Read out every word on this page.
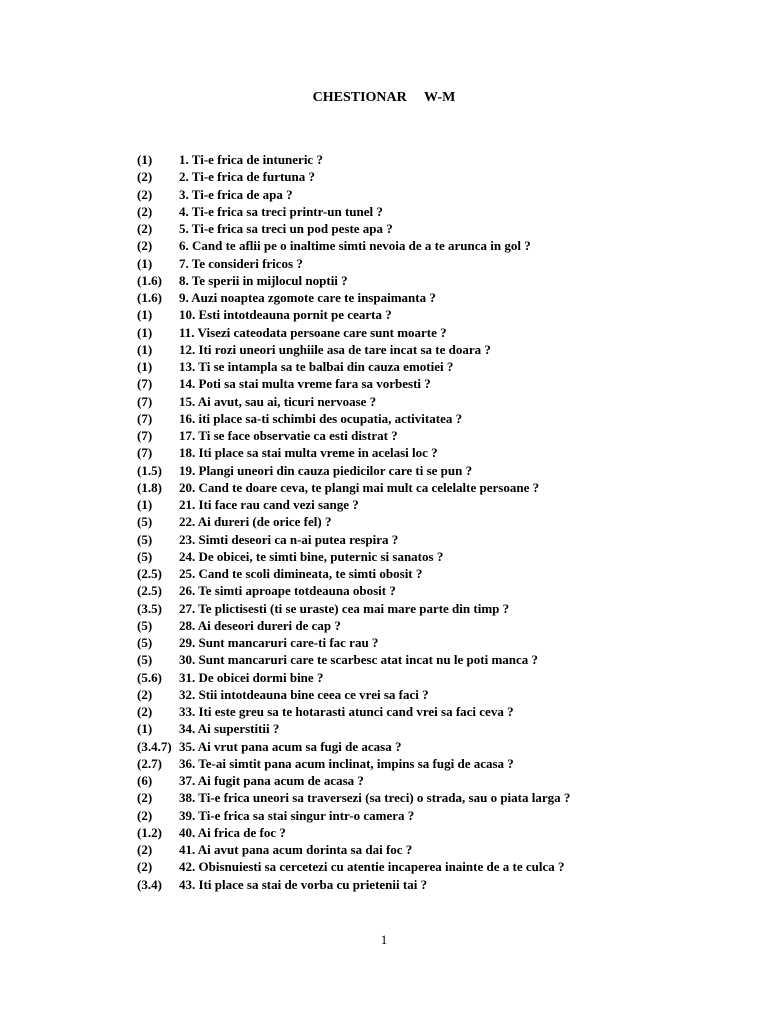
CHESTIONAR     W-M
(1) 1. Ti-e frica de intuneric ?
(2) 2. Ti-e frica de furtuna ?
(2) 3. Ti-e frica de apa ?
(2) 4. Ti-e frica sa treci printr-un tunel ?
(2) 5. Ti-e frica sa treci un pod peste apa ?
(2) 6. Cand te aflii pe o inaltime simti nevoia de a te arunca in gol ?
(1) 7. Te consideri fricos ?
(1.6) 8. Te sperii in mijlocul noptii ?
(1.6) 9. Auzi noaptea zgomote care te inspaimanta ?
(1) 10. Esti intotdeauna pornit pe cearta ?
(1) 11. Visezi cateodata persoane care sunt moarte ?
(1) 12. Iti rozi uneori unghiile asa de tare incat sa te doara ?
(1) 13. Ti se intampla sa te balbai din cauza emotiei ?
(7) 14. Poti sa stai multa vreme fara sa vorbesti ?
(7) 15. Ai avut, sau ai, ticuri nervoase ?
(7) 16. iti place sa-ti schimbi des ocupatia, activitatea ?
(7) 17. Ti se face observatie ca esti distrat ?
(7) 18. Iti place sa stai multa vreme in acelasi loc ?
(1.5) 19. Plangi uneori din cauza piedicilor care ti se pun ?
(1.8) 20. Cand te doare ceva, te plangi mai mult ca celelalte persoane ?
(1) 21. Iti face rau cand vezi sange ?
(5) 22. Ai dureri (de orice fel) ?
(5) 23. Simti deseori ca n-ai putea respira ?
(5) 24. De obicei, te simti bine, puternic si sanatos ?
(2.5) 25. Cand te scoli dimineata, te simti obosit ?
(2.5) 26. Te simti aproape totdeauna obosit ?
(3.5) 27. Te plictisesti (ti se uraste) cea mai mare parte din timp ?
(5) 28. Ai deseori dureri de cap ?
(5) 29. Sunt mancaruri care-ti fac rau ?
(5) 30. Sunt mancaruri care te scarbesc atat incat nu le poti manca ?
(5.6) 31. De obicei dormi bine ?
(2) 32. Stii intotdeauna bine ceea ce vrei sa faci ?
(2) 33. Iti este greu sa te hotarasti atunci cand vrei sa faci ceva ?
(1) 34. Ai superstitii ?
(3.4.7) 35. Ai vrut pana acum sa fugi de acasa ?
(2.7) 36. Te-ai simtit pana acum inclinat, impins sa fugi de acasa ?
(6) 37. Ai fugit pana acum de acasa ?
(2) 38. Ti-e frica uneori sa traversezi (sa treci) o strada, sau o piata larga ?
(2) 39. Ti-e frica sa stai singur intr-o camera ?
(1.2) 40. Ai frica de foc ?
(2) 41. Ai avut pana acum dorinta sa dai foc ?
(2) 42. Obisnuiesti sa cercetezi cu atentie incaperea inainte de a te culca ?
(3.4) 43. Iti place sa stai de vorba cu prietenii tai ?
1
